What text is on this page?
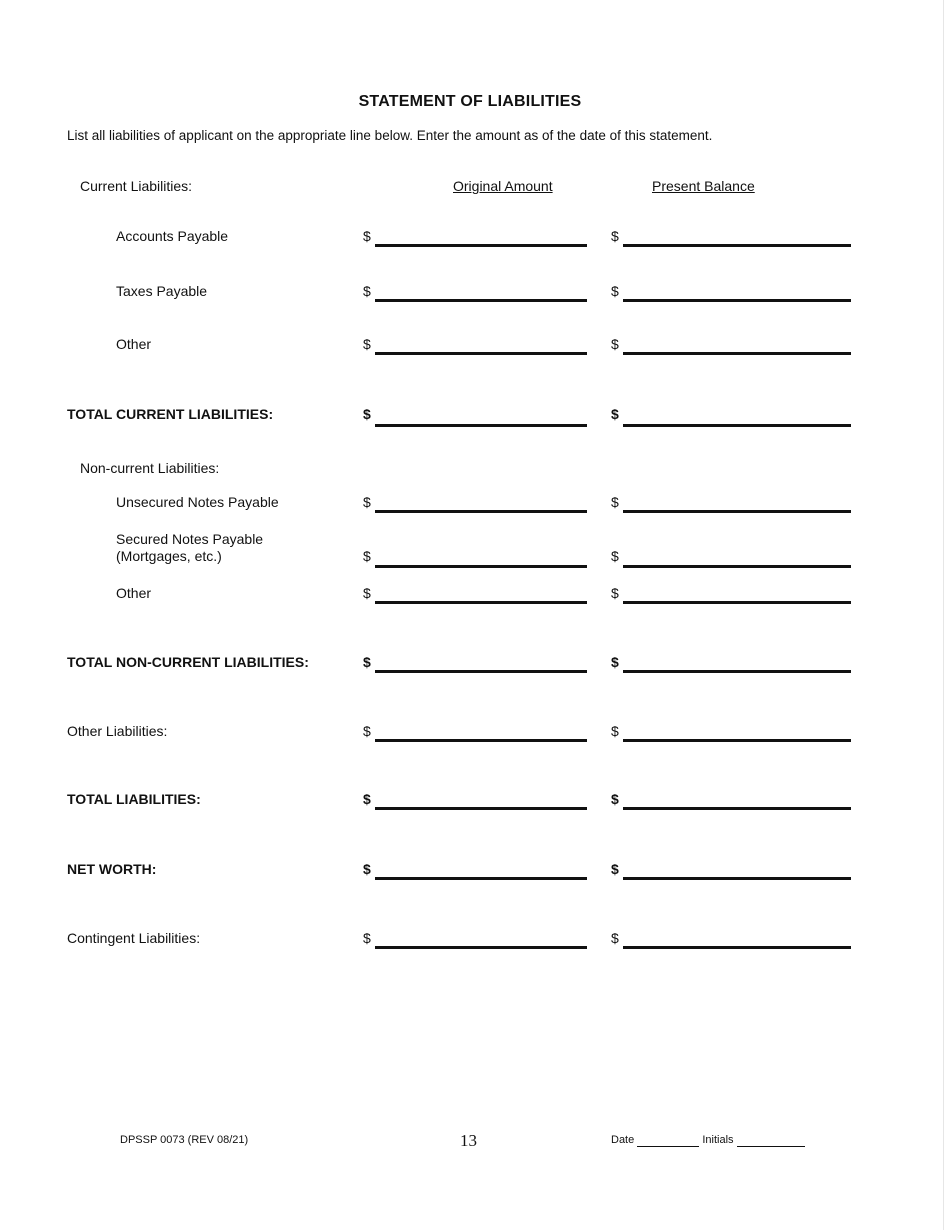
STATEMENT OF LIABILITIES
List all liabilities of applicant on the appropriate line below. Enter the amount as of the date of this statement.
Current Liabilities:	Original Amount	Present Balance
Accounts Payable	$	$
Taxes Payable	$	$
Other	$	$
TOTAL CURRENT LIABILITIES:	$	$
Non-current Liabilities:
Unsecured Notes Payable	$	$
Secured Notes Payable
(Mortgages, etc.)	$	$
Other	$	$
TOTAL NON-CURRENT LIABILITIES:	$	$
Other Liabilities:	$	$
TOTAL LIABILITIES:	$	$
NET WORTH:	$	$
Contingent Liabilities:	$	$
DPSSP 0073 (REV 08/21)	13	Date	Initials
